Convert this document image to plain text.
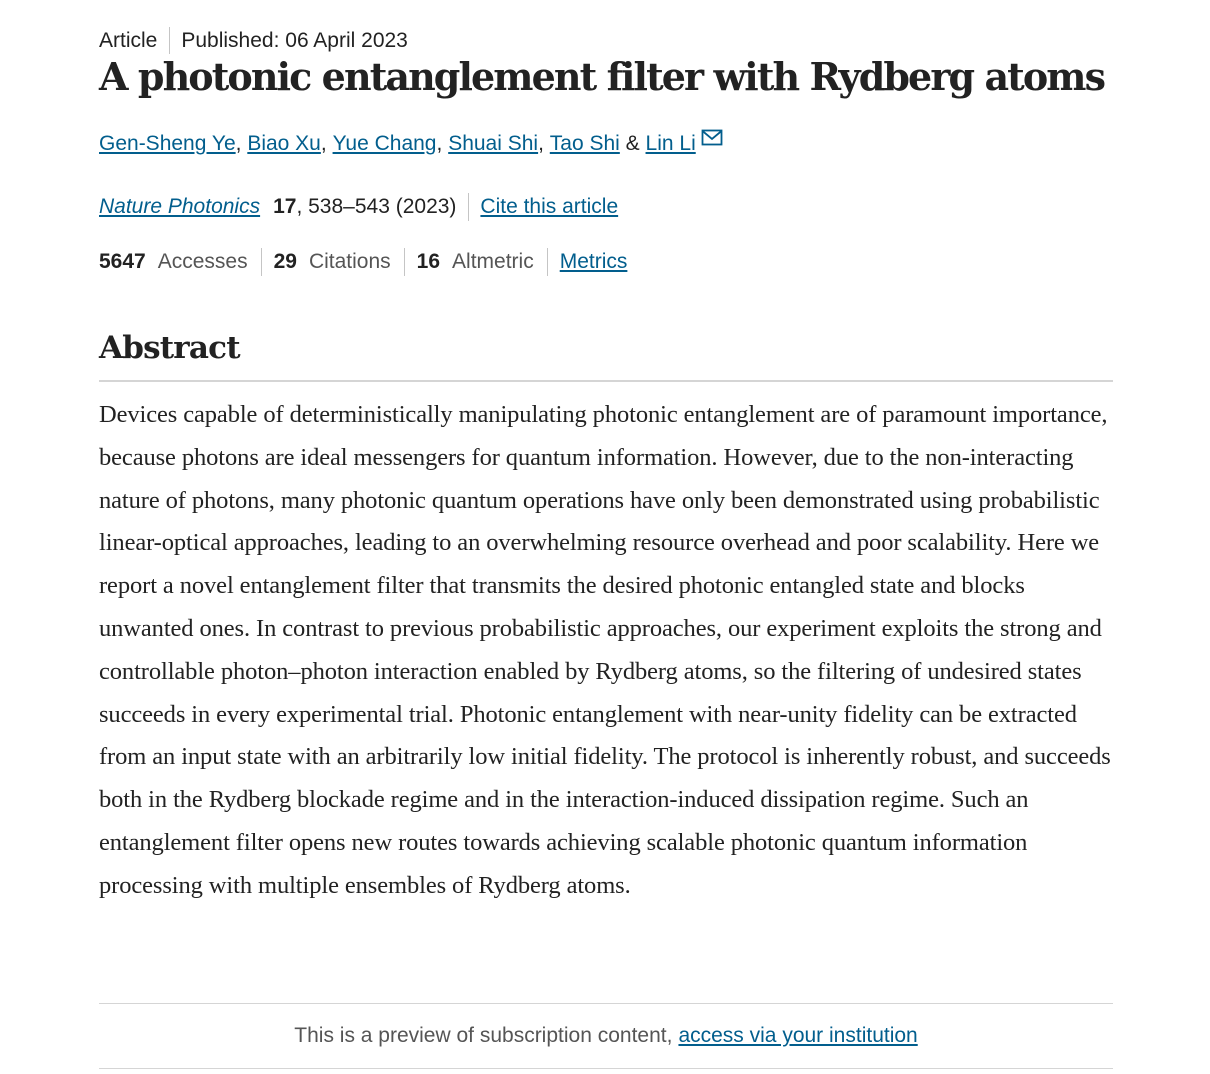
Article Published: 06 April 2023
A photonic entanglement filter with Rydberg atoms
Gen-Sheng Ye ,
Biao Xu ,
Yue Chang ,
Shuai Shi ,
Tao Shi
&
Lin Li
Nature Photonics 17 , 538–543 (2023) Cite this article
5647 Accesses 29 Citations 16 Altmetric Metrics
Abstract

Devices capable of deterministically manipulating photonic entanglement are of paramount importance, because photons are ideal messengers for quantum information. However, due to the non-interacting nature of photons, many photonic quantum operations have only been demonstrated using probabilistic linear-optical approaches, leading to an overwhelming resource overhead and poor scalability. Here we report a novel entanglement filter that transmits the desired photonic entangled state and blocks unwanted ones. In contrast to previous probabilistic approaches, our experiment exploits the strong and controllable photon–photon interaction enabled by Rydberg atoms, so the filtering of undesired states succeeds in every experimental trial. Photonic entanglement with near-unity fidelity can be extracted from an input state with an arbitrarily low initial fidelity. The protocol is inherently robust, and succeeds both in the Rydberg blockade regime and in the interaction-induced dissipation regime. Such an entanglement filter opens new routes towards achieving scalable photonic quantum information processing with multiple ensembles of Rydberg atoms.

This is a preview of subscription content, access via your institution
